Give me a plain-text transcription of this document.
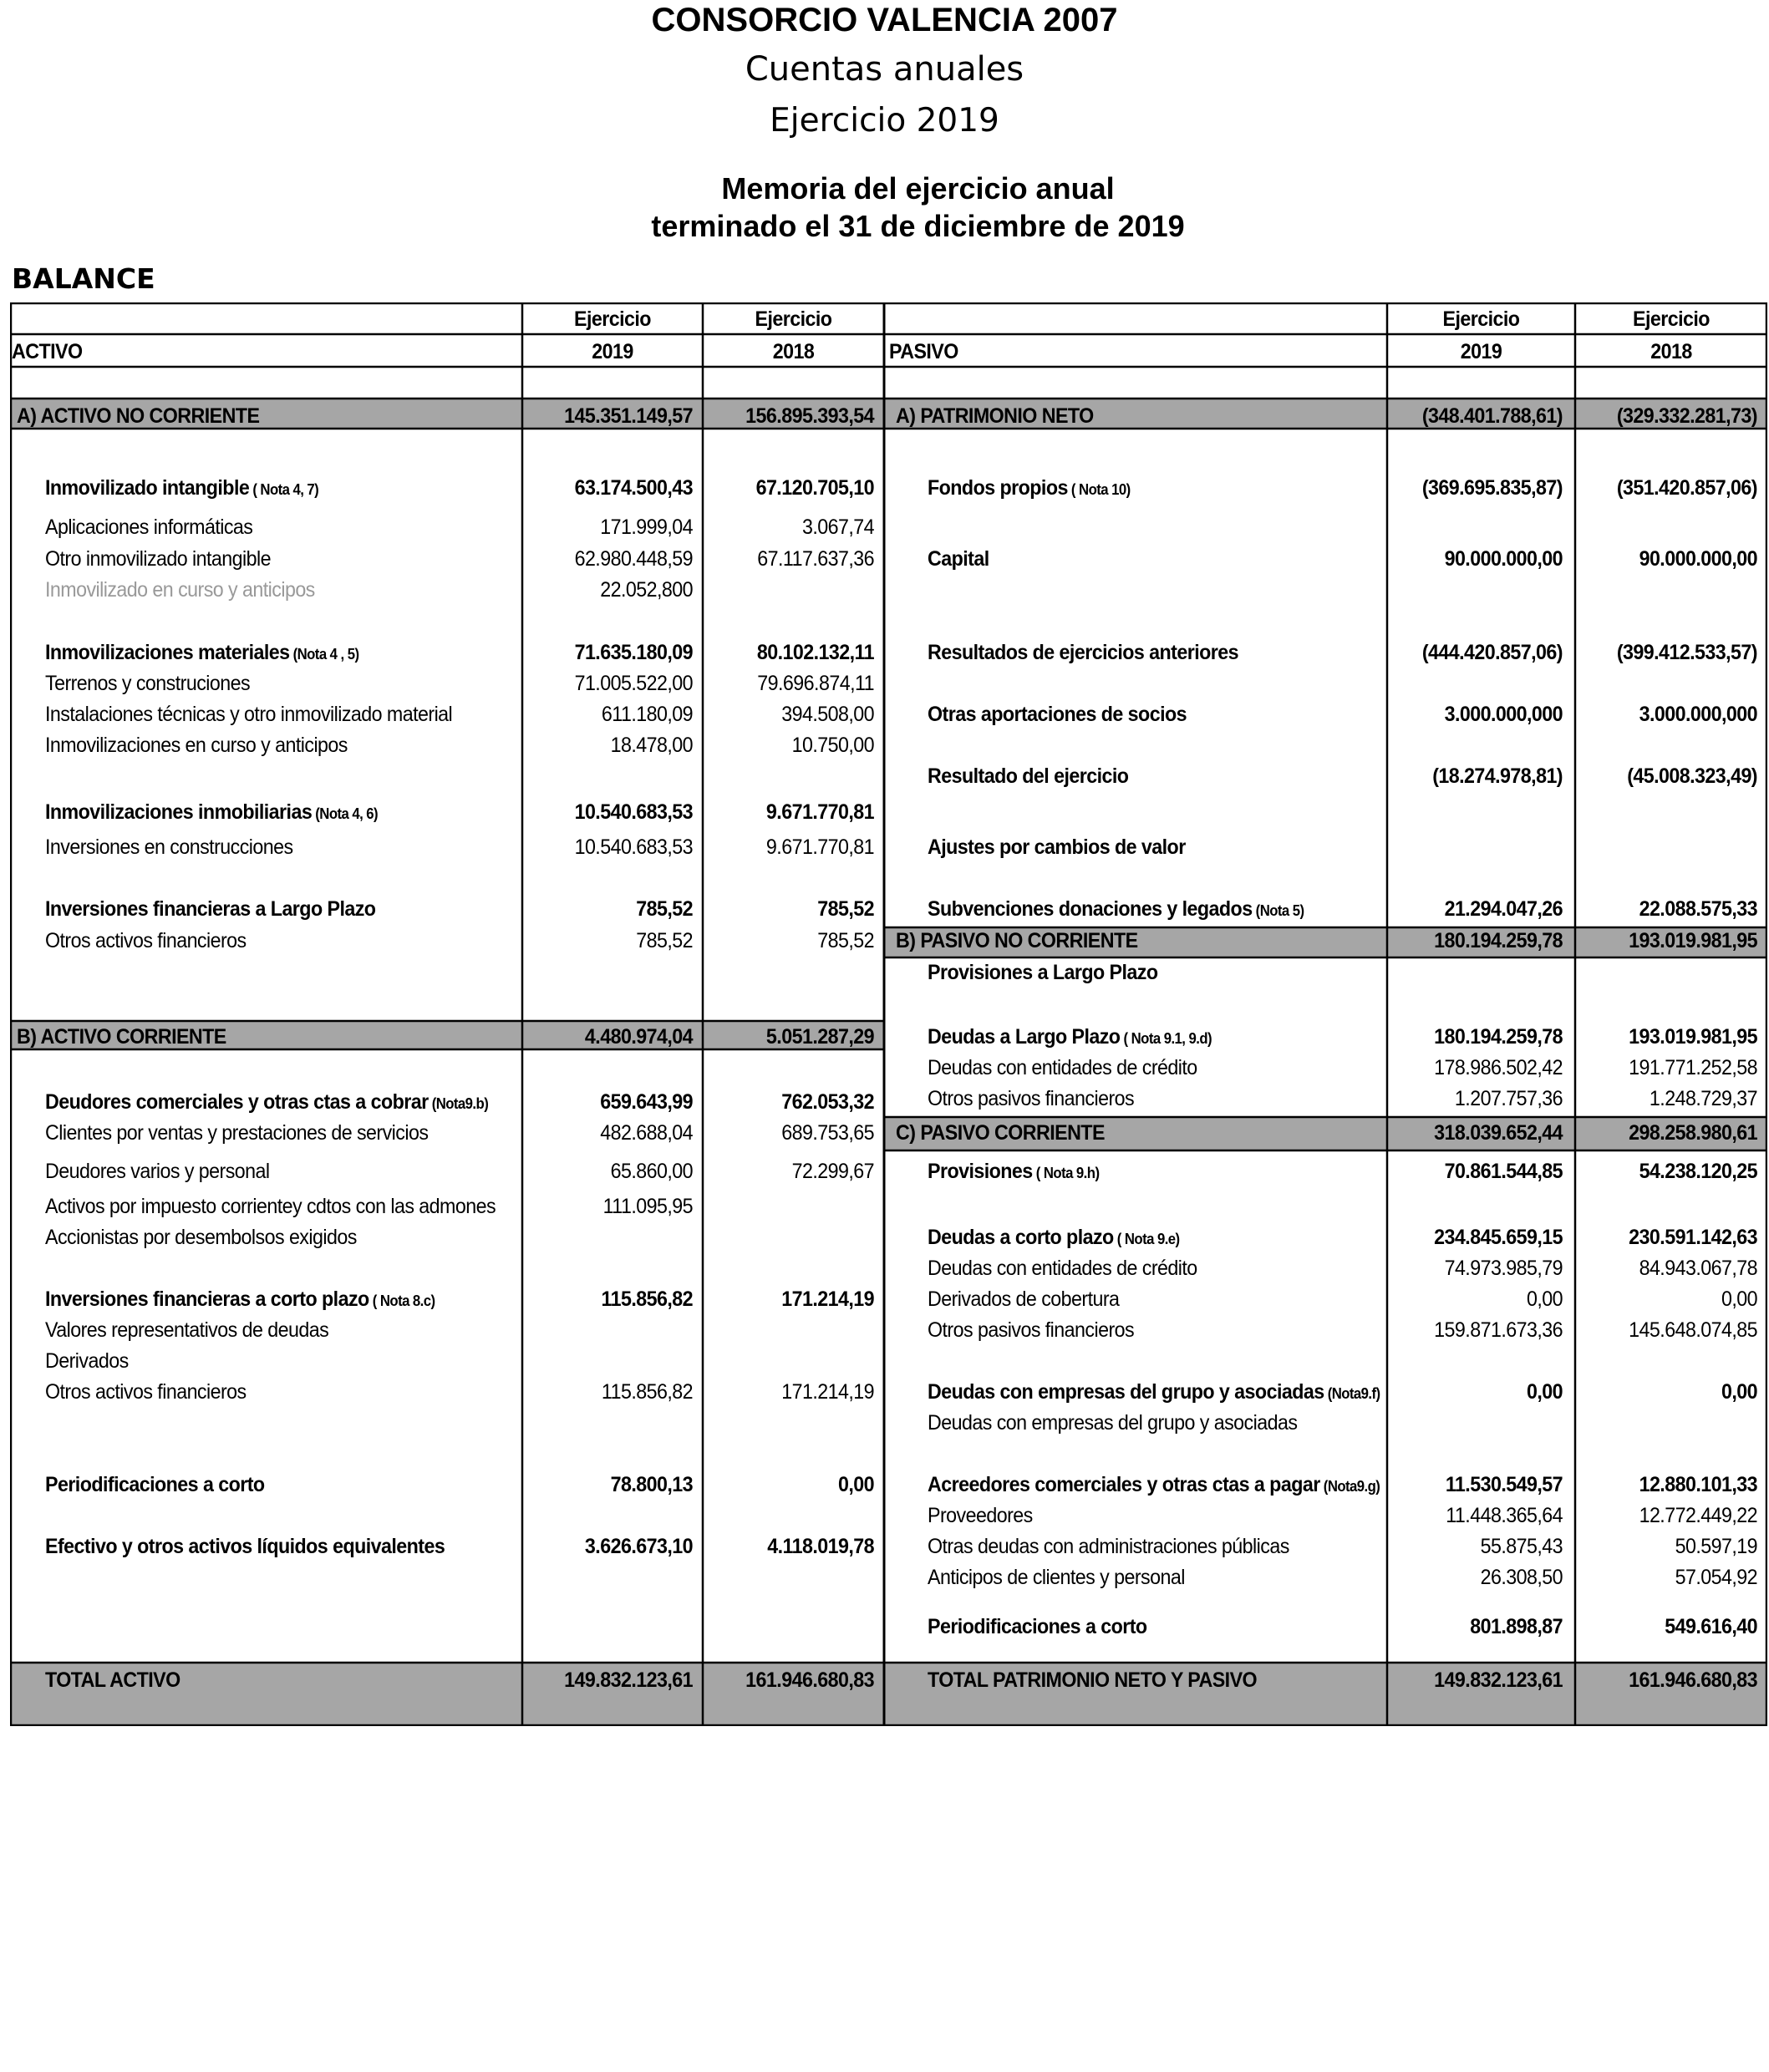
CONSORCIO VALENCIA 2007
Cuentas anuales
Ejercicio 2019
Memoria del ejercicio anual
terminado el 31 de diciembre de 2019
BALANCE
Ejercicio	Ejercicio	Ejercicio	Ejercicio
2019	2018	2019	2018
ACTIVO	PASIVO
A) ACTIVO NO CORRIENTE	145.351.149,57	156.895.393,54
Inmovilizado intangible ( Nota 4, 7)	63.174.500,43	67.120.705,10
Aplicaciones informáticas	171.999,04	3.067,74
Otro inmovilizado intangible	62.980.448,59	67.117.637,36
Inmovilizado en curso y anticipos	22.052,800
Inmovilizaciones materiales (Nota 4 , 5)	71.635.180,09	80.102.132,11
Terrenos y construciones	71.005.522,00	79.696.874,11
Instalaciones técnicas y otro inmovilizado material	611.180,09	394.508,00
Inmovilizaciones en curso y anticipos	18.478,00	10.750,00
Inmovilizaciones inmobiliarias (Nota 4, 6)	10.540.683,53	9.671.770,81
Inversiones en construcciones	10.540.683,53	9.671.770,81
Inversiones financieras a Largo Plazo	785,52	785,52
Otros activos financieros	785,52	785,52
B) ACTIVO CORRIENTE	4.480.974,04	5.051.287,29
Deudores comerciales y otras ctas a cobrar (Nota9.b)	659.643,99	762.053,32
Clientes por ventas y prestaciones de servicios	482.688,04	689.753,65
Deudores varios y personal	65.860,00	72.299,67
Activos por impuesto corrientey cdtos con las admones	111.095,95
Accionistas por desembolsos exigidos
Inversiones financieras a corto plazo ( Nota 8.c)	115.856,82	171.214,19
Valores representativos de deudas
Derivados
Otros activos financieros	115.856,82	171.214,19
Periodificaciones a corto	78.800,13	0,00
Efectivo y otros activos líquidos equivalentes	3.626.673,10	4.118.019,78
TOTAL ACTIVO	149.832.123,61	161.946.680,83
A) PATRIMONIO NETO	(348.401.788,61)	(329.332.281,73)
Fondos propios ( Nota 10)	(369.695.835,87)	(351.420.857,06)
Capital	90.000.000,00	90.000.000,00
Resultados de ejercicios anteriores	(444.420.857,06)	(399.412.533,57)
Otras aportaciones de socios	3.000.000,000	3.000.000,000
Resultado del ejercicio	(18.274.978,81)	(45.008.323,49)
Ajustes por cambios de valor
Subvenciones donaciones y legados (Nota 5)	21.294.047,26	22.088.575,33
B) PASIVO NO CORRIENTE	180.194.259,78	193.019.981,95
Provisiones a Largo Plazo
Deudas a Largo Plazo ( Nota 9.1, 9.d)	180.194.259,78	193.019.981,95
Deudas con entidades de crédito	178.986.502,42	191.771.252,58
Otros pasivos financieros	1.207.757,36	1.248.729,37
C) PASIVO CORRIENTE	318.039.652,44	298.258.980,61
Provisiones ( Nota 9.h)	70.861.544,85	54.238.120,25
Deudas a corto plazo ( Nota 9.e)	234.845.659,15	230.591.142,63
Deudas con entidades de crédito	74.973.985,79	84.943.067,78
Derivados de cobertura	0,00	0,00
Otros pasivos financieros	159.871.673,36	145.648.074,85
Deudas con empresas del grupo y asociadas (Nota9.f)	0,00	0,00
Deudas con empresas del grupo y asociadas
Acreedores comerciales y otras ctas a pagar (Nota9.g)	11.530.549,57	12.880.101,33
Proveedores	11.448.365,64	12.772.449,22
Otras deudas con administraciones públicas	55.875,43	50.597,19
Anticipos de clientes y personal	26.308,50	57.054,92
Periodificaciones a corto	801.898,87	549.616,40
TOTAL PATRIMONIO NETO Y PASIVO	149.832.123,61	161.946.680,83
